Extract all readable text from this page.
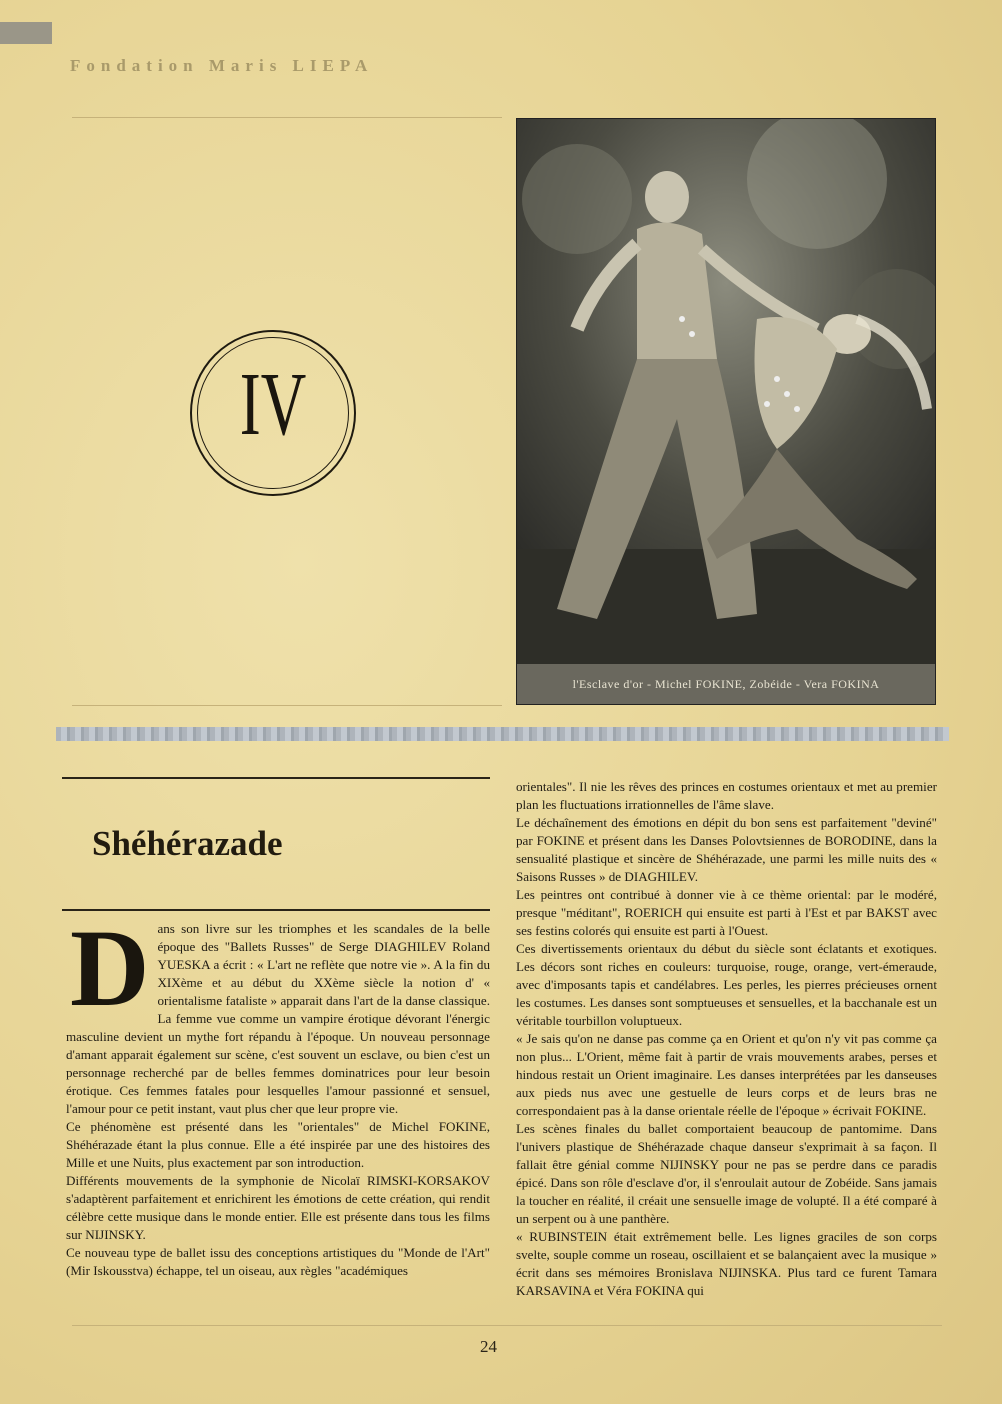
Fondation Maris LIEPA
IV
l'Esclave d'or - Michel FOKINE, Zobéide - Vera FOKINA
Shéhérazade

D ans son livre sur les triomphes et les scandales de la belle époque des "Ballets Russes" de Serge DIAGHILEV Roland YUESKA a écrit : « L'art ne reflète que notre vie ». A la fin du XIXème et au début du XXème siècle la notion d' « orientalisme fataliste » apparait dans l'art de la danse classique. La femme vue comme un vampire érotique dévorant l'énergic masculine devient un mythe fort répandu à l'époque. Un nouveau personnage d'amant apparait également sur scène, c'est souvent un esclave, ou bien c'est un personnage recherché par de belles femmes dominatrices pour leur besoin érotique. Ces femmes fatales pour lesquelles l'amour passionné et sensuel, l'amour pour ce petit instant, vaut plus cher que leur propre vie.

Ce phénomène est présenté dans les "orientales" de Michel FOKINE, Shéhérazade étant la plus connue. Elle a été inspirée par une des histoires des Mille et une Nuits, plus exactement par son introduction.

Différents mouvements de la symphonie de Nicolaï RIMSKI-KORSAKOV s'adaptèrent parfaitement et enrichirent les émotions de cette création, qui rendit célèbre cette musique dans le monde entier. Elle est présente dans tous les films sur NIJINSKY.

Ce nouveau type de ballet issu des conceptions artistiques du "Monde de l'Art" (Mir Iskousstva) échappe, tel un oiseau, aux règles "académiques

orientales". Il nie les rêves des princes en costumes orientaux et met au premier plan les fluctuations irrationnelles de l'âme slave.

Le déchaînement des émotions en dépit du bon sens est parfaitement "deviné" par FOKINE et présent dans les Danses Polovtsiennes de BORODINE, dans la sensualité plastique et sincère de Shéhérazade, une parmi les mille nuits des « Saisons Russes » de DIAGHILEV.

Les peintres ont contribué à donner vie à ce thème oriental: par le modéré, presque "méditant", ROERICH qui ensuite est parti à l'Est et par BAKST avec ses festins colorés qui ensuite est parti à l'Ouest.

Ces divertissements orientaux du début du siècle sont éclatants et exotiques. Les décors sont riches en couleurs: turquoise, rouge, orange, vert-émeraude, avec d'imposants tapis et candélabres. Les perles, les pierres précieuses ornent les costumes. Les danses sont somptueuses et sensuelles, et la bacchanale est un véritable tourbillon voluptueux.

« Je sais qu'on ne danse pas comme ça en Orient et qu'on n'y vit pas comme ça non plus... L'Orient, même fait à partir de vrais mouvements arabes, perses et hindous restait un Orient imaginaire. Les danses interprétées par les danseuses aux pieds nus avec une gestuelle de leurs corps et de leurs bras ne correspondaient pas à la danse orientale réelle de l'époque » écrivait FOKINE.

Les scènes finales du ballet comportaient beaucoup de pantomime. Dans l'univers plastique de Shéhérazade chaque danseur s'exprimait à sa façon. Il fallait être génial comme NIJINSKY pour ne pas se perdre dans ce paradis épicé. Dans son rôle d'esclave d'or, il s'enroulait autour de Zobéide. Sans jamais la toucher en réalité, il créait une sensuelle image de volupté. Il a été comparé à un serpent ou à une panthère.

« RUBINSTEIN était extrêmement belle. Les lignes graciles de son corps svelte, souple comme un roseau, oscillaient et se balançaient avec la musique » écrit dans ses mémoires Bronislava NIJINSKA. Plus tard ce furent Tamara KARSAVINA et Véra FOKINA qui

24
